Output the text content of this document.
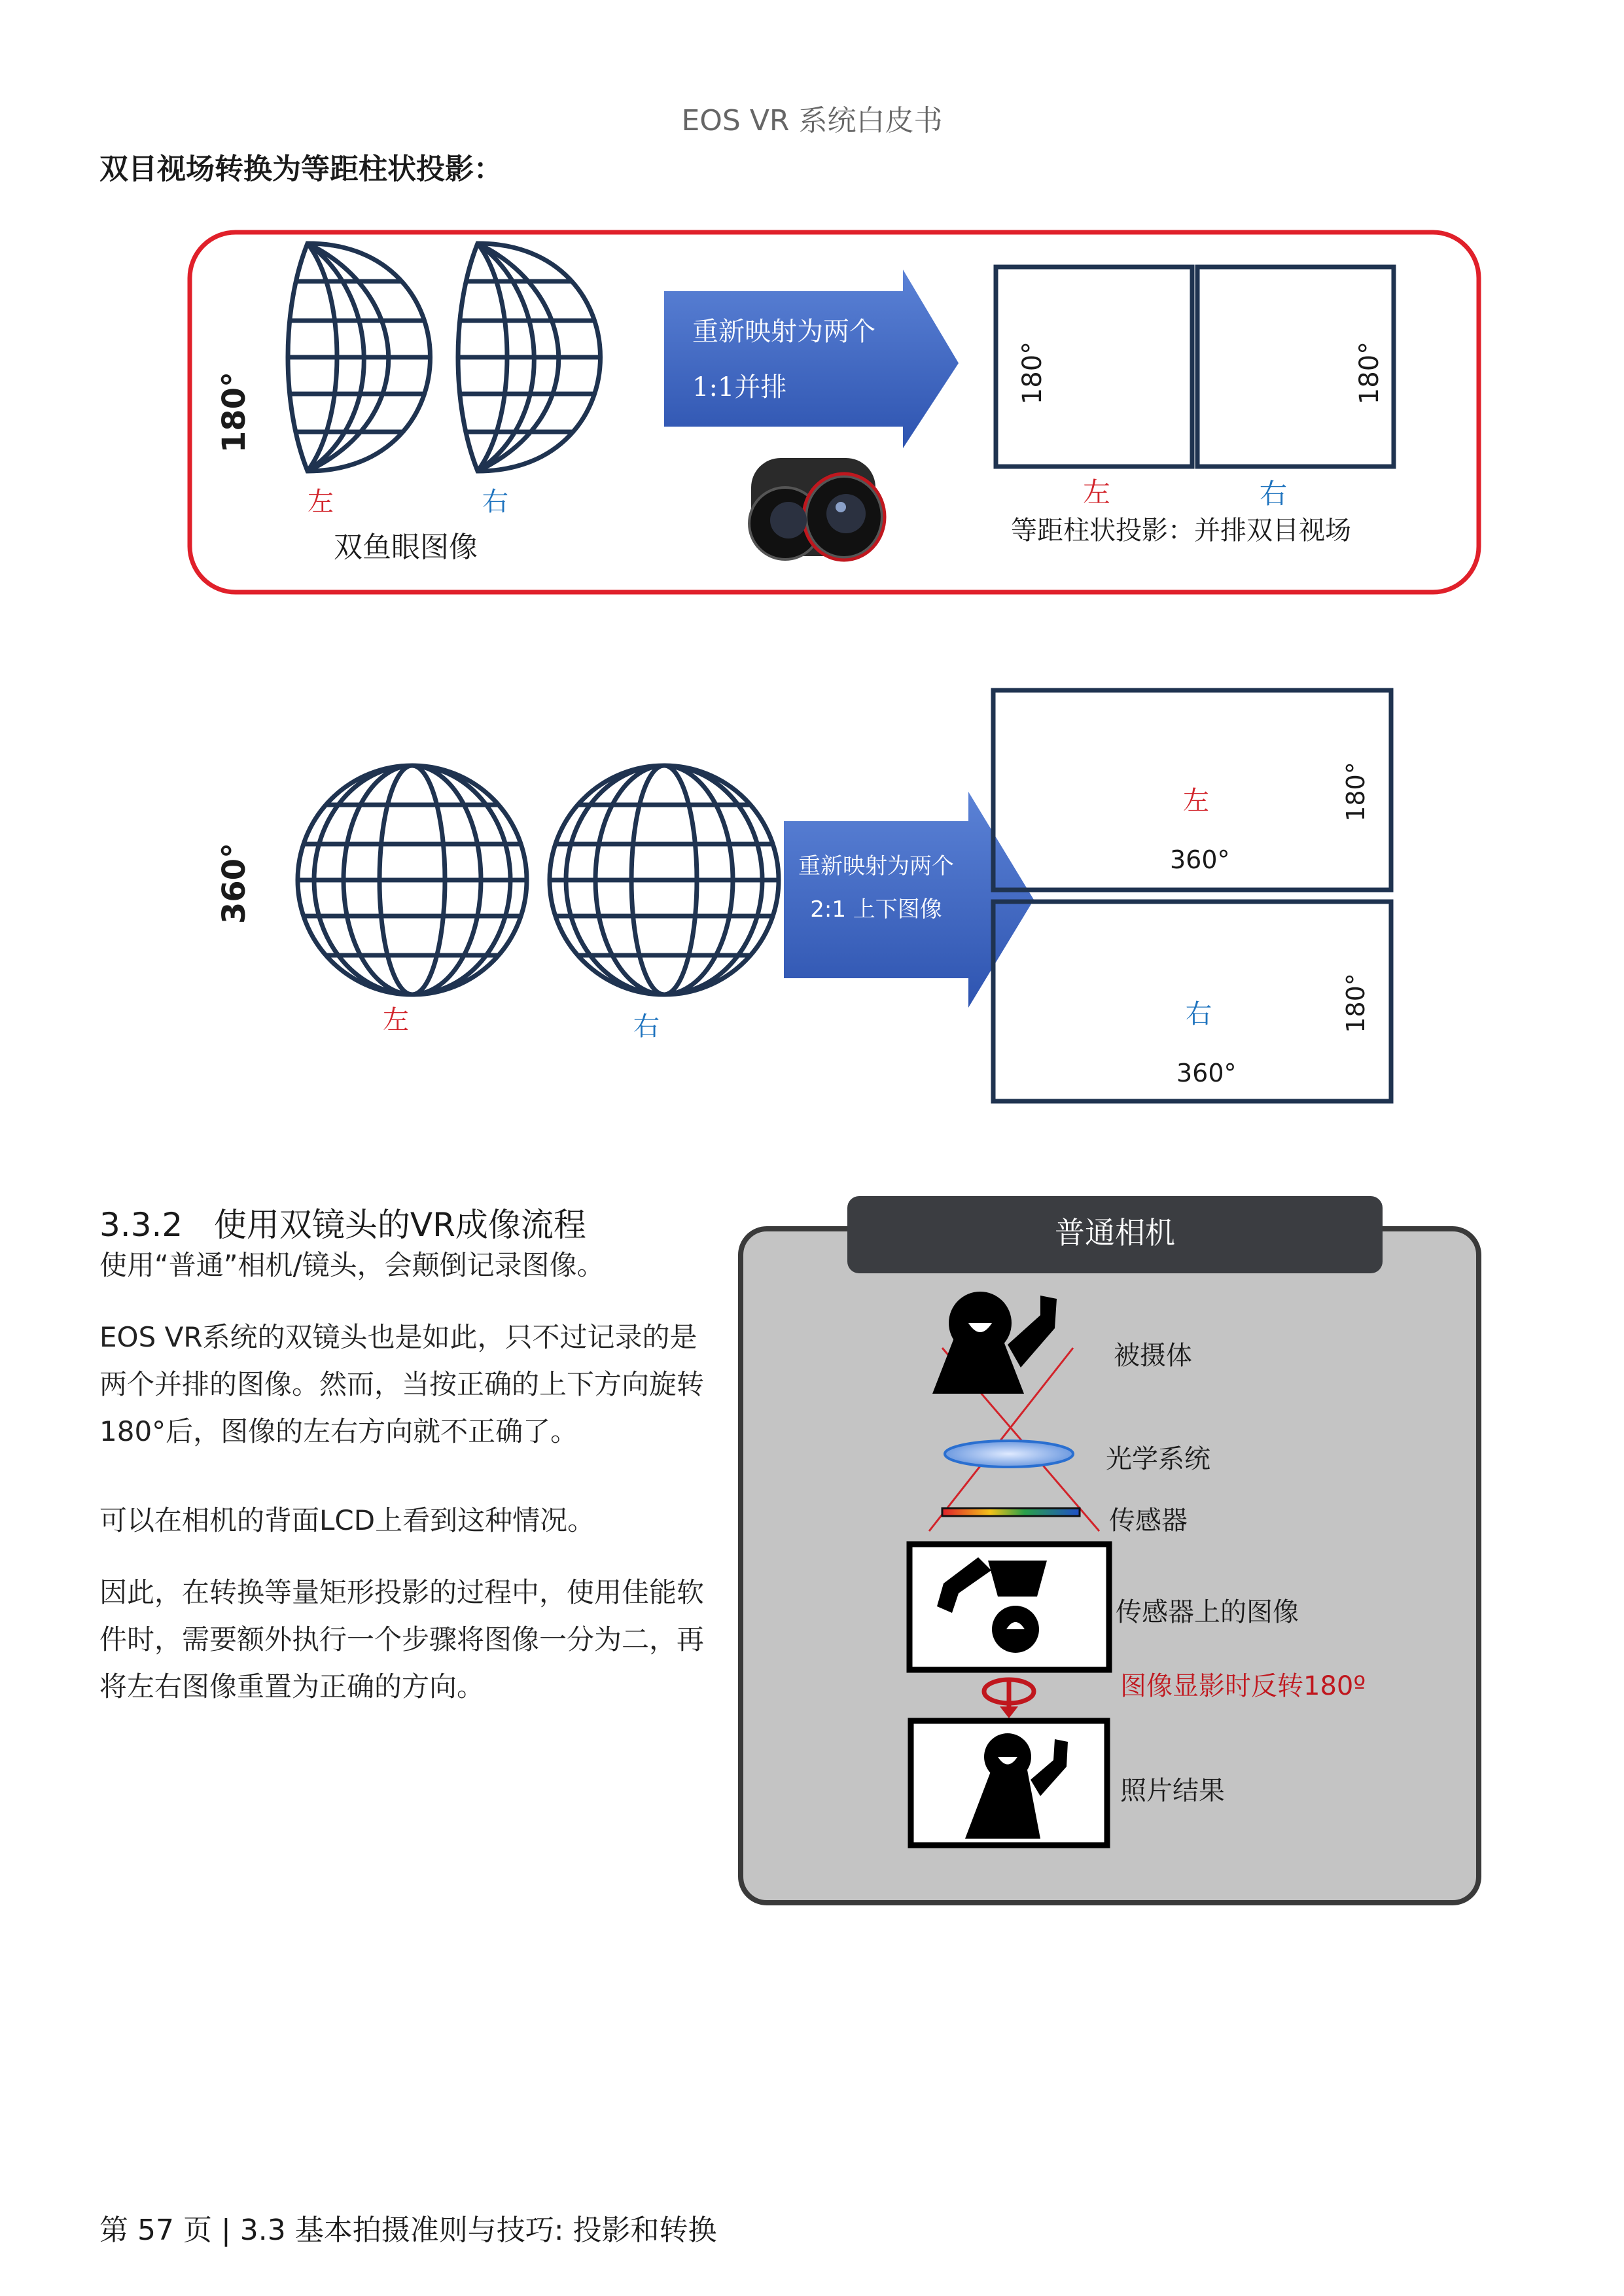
EOS VR 系统白皮书
双目视场转换为等距柱状投影：
180°
左	右
双鱼眼图像
重新映射为两个
1:1并排	180°	180°
左	右
等距柱状投影：并排双目视场
360°
左	右
重新映射为两个
2:1 上下图像
左	180°
360°
右	180°
360°
3.3.2   使用双镜头的VR成像流程
使用“普通”相机/镜头，会颠倒记录图像。
EOS VR系统的双镜头也是如此，只不过记录的是两个并排的图像。然而，当按正确的上下方向旋转180°后，图像的左右方向就不正确了。
可以在相机的背面LCD上看到这种情况。
因此，在转换等量矩形投影的过程中，使用佳能软件时，需要额外执行一个步骤将图像一分为二，再将左右图像重置为正确的方向。
普通相机
被摄体
光学系统
传感器
传感器上的图像
图像显影时反转180º
照片结果
第 57 页 | 3.3 基本拍摄准则与技巧: 投影和转换
